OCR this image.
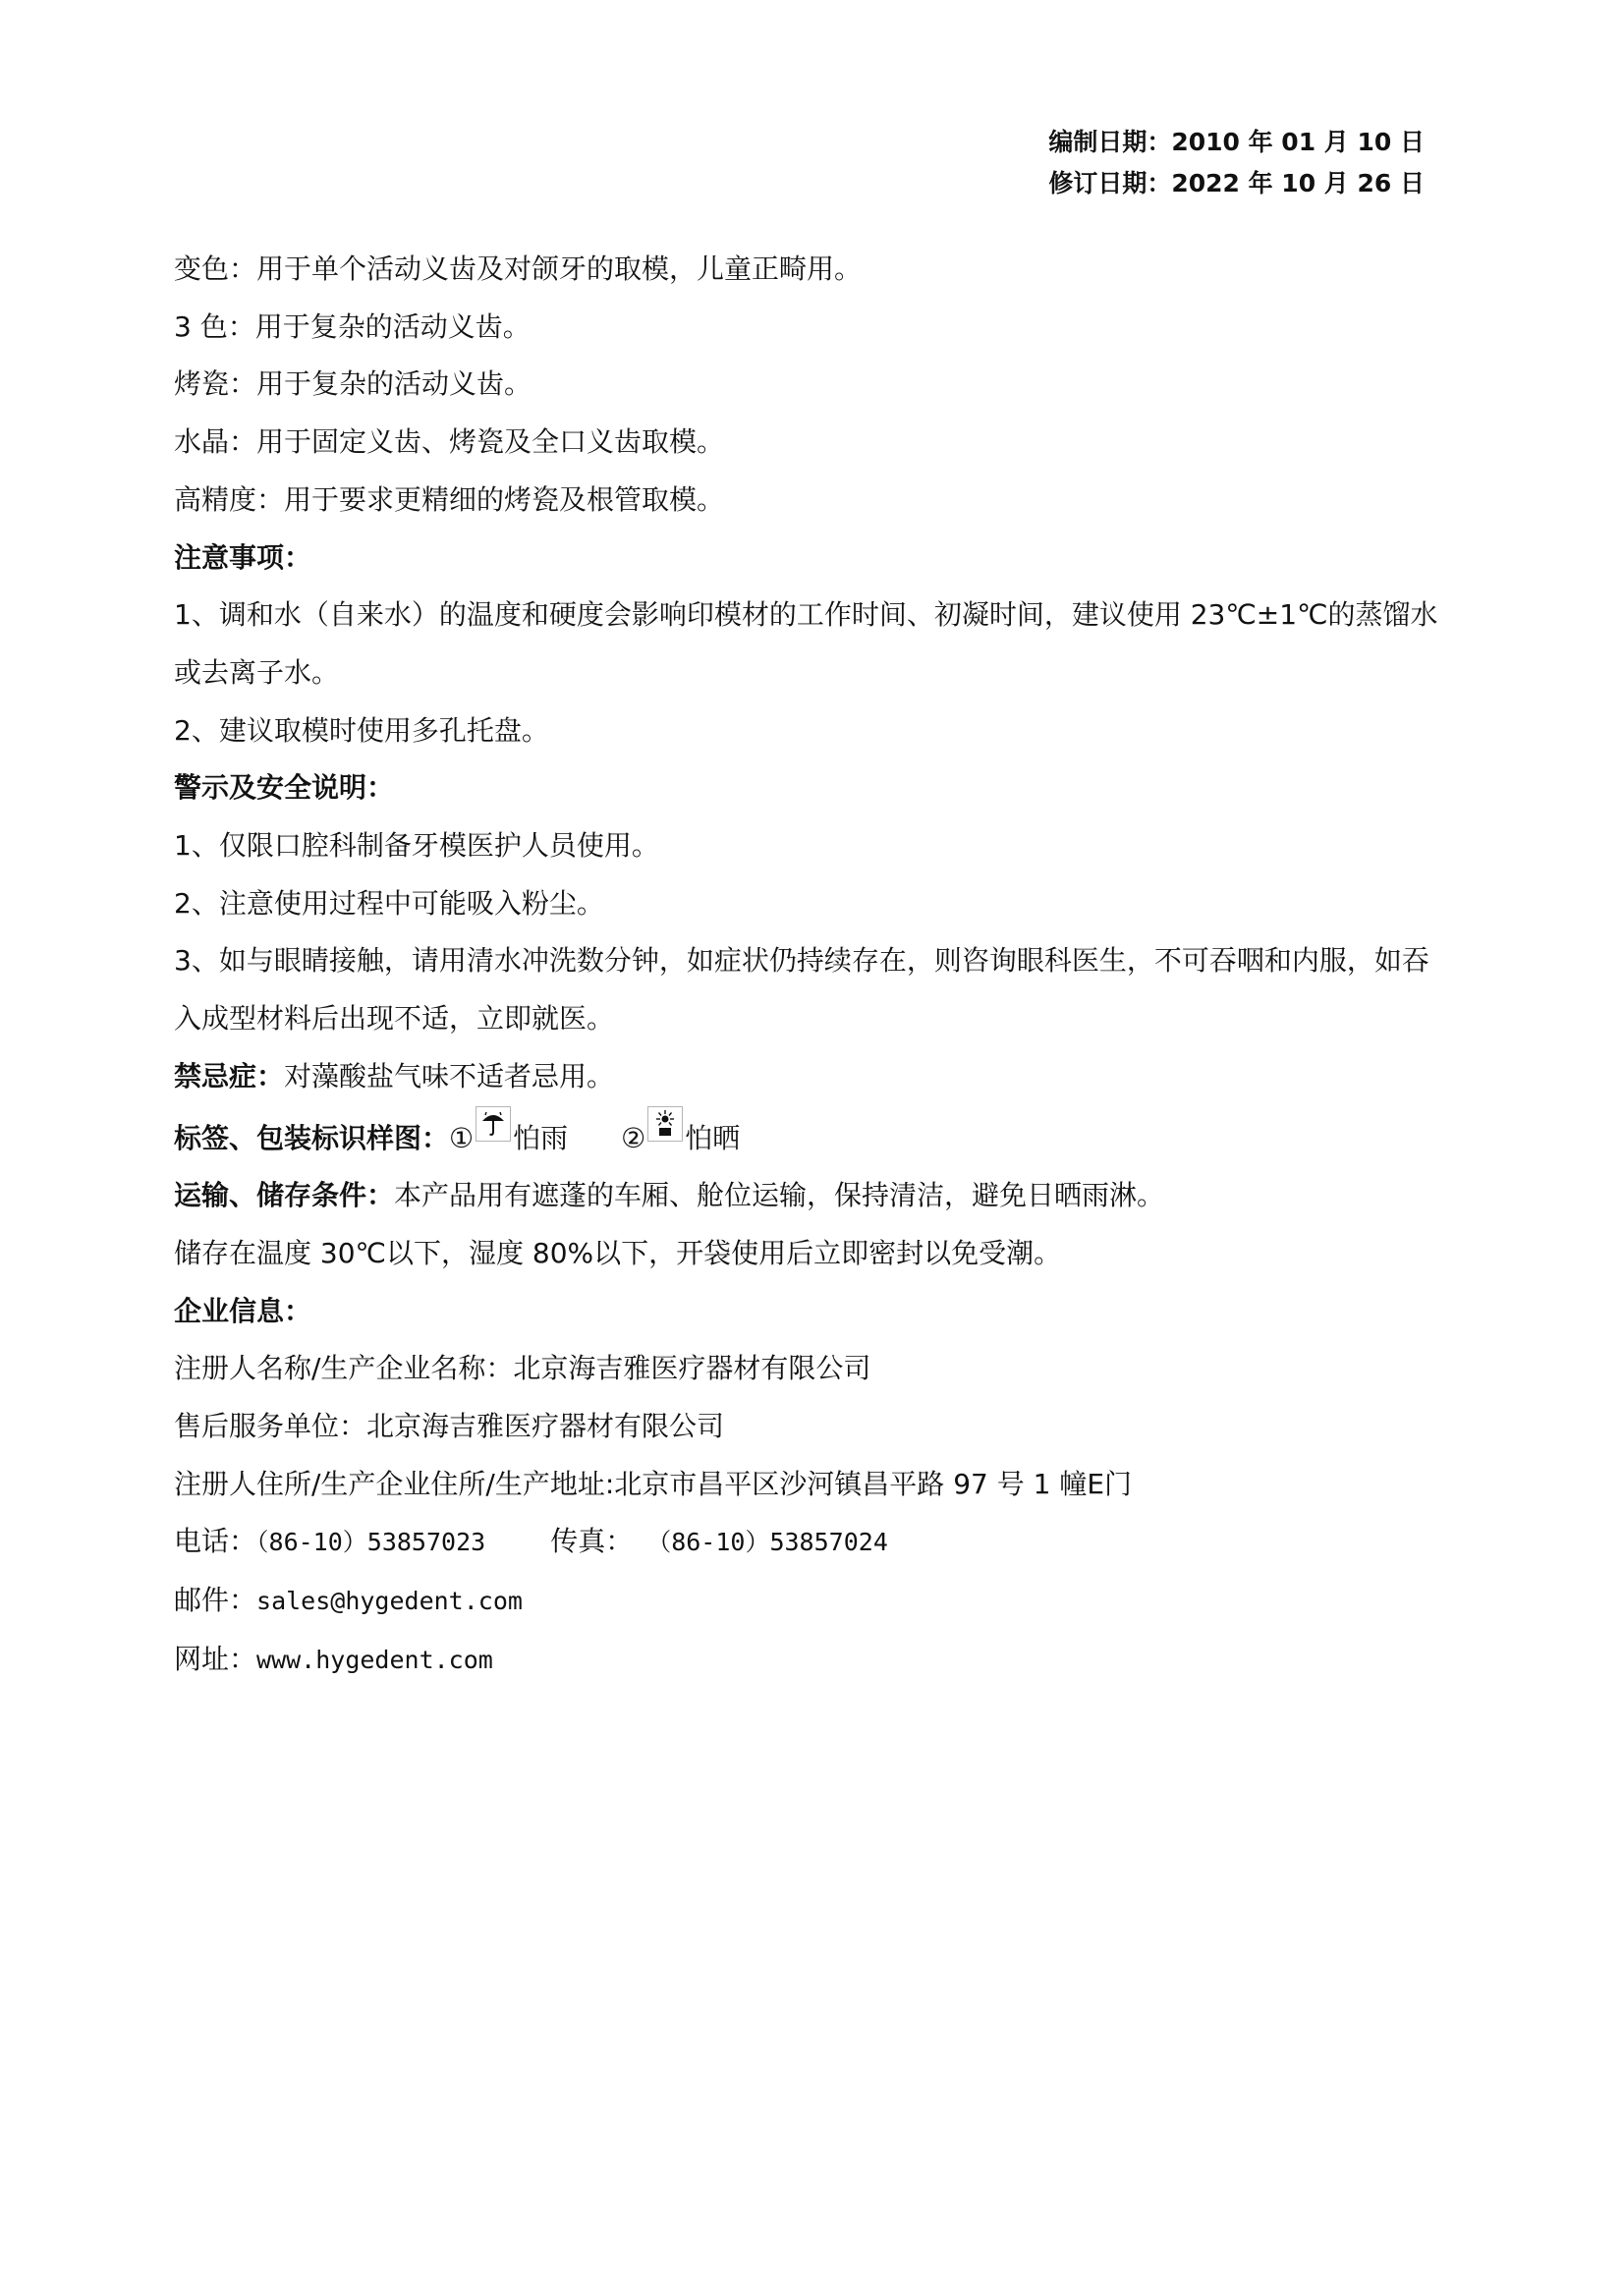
编制日期：2010 年 01 月 10 日
修订日期：2022 年 10 月 26 日
变色：用于单个活动义齿及对颌牙的取模，儿童正畸用。
3 色：用于复杂的活动义齿。
烤瓷：用于复杂的活动义齿。
水晶：用于固定义齿、烤瓷及全口义齿取模。
高精度：用于要求更精细的烤瓷及根管取模。
注意事项：
1、调和水（自来水）的温度和硬度会影响印模材的工作时间、初凝时间，建议使用 23℃±1℃的蒸馏水
或去离子水。
2、建议取模时使用多孔托盘。
警示及安全说明：
1、仅限口腔科制备牙模医护人员使用。
2、注意使用过程中可能吸入粉尘。
3、如与眼睛接触，请用清水冲洗数分钟，如症状仍持续存在，则咨询眼科医生，不可吞咽和内服，如吞
入成型材料后出现不适，立即就医。
禁忌症：对藻酸盐气味不适者忌用。
标签、包装标识样图：① 怕雨 ② 怕晒
运输、储存条件：本产品用有遮蓬的车厢、舱位运输，保持清洁，避免日晒雨淋。
储存在温度 30℃以下，湿度 80%以下，开袋使用后立即密封以免受潮。
企业信息：
注册人名称/生产企业名称：北京海吉雅医疗器材有限公司
售后服务单位：北京海吉雅医疗器材有限公司
注册人住所/生产企业住所/生产地址:北京市昌平区沙河镇昌平路 97 号 1 幢E门
电话：（86-10）53857023 传真： （86-10）53857024
邮件：sales@hygedent.com
网址：www.hygedent.com
